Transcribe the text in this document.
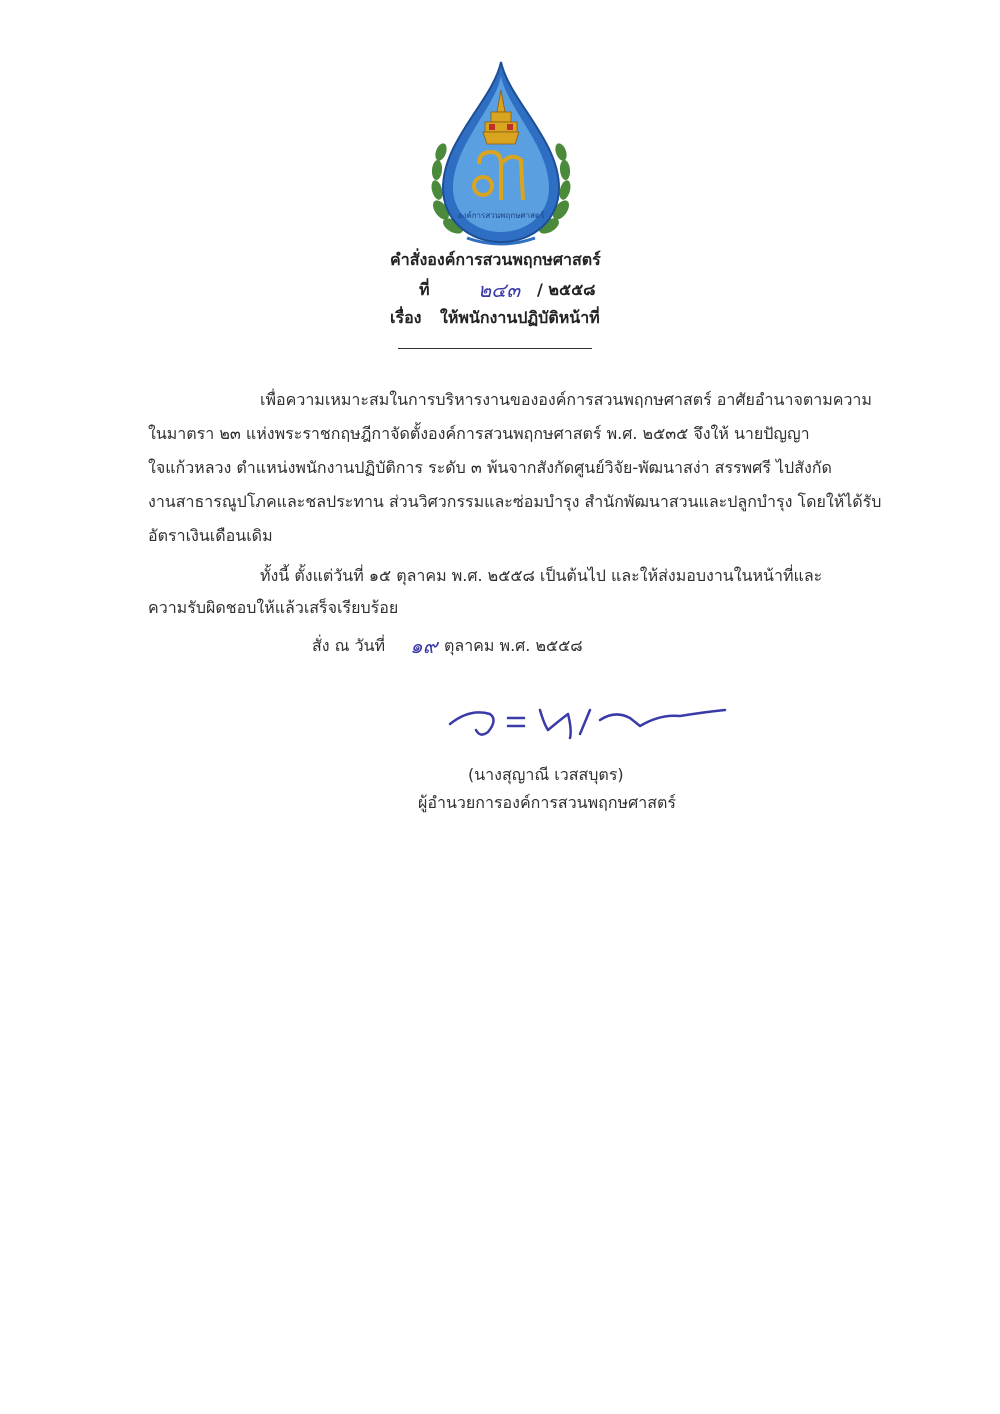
องค์การสวนพฤกษศาสตร์
คำสั่งองค์การสวนพฤกษศาสตร์
ที่ ๒๔๓ / ๒๕๕๘
เรื่อง ให้พนักงานปฏิบัติหน้าที่
เพื่อความเหมาะสมในการบริหารงานขององค์การสวนพฤกษศาสตร์ อาศัยอำนาจตามความ
ในมาตรา ๒๓ แห่งพระราชกฤษฎีกาจัดตั้งองค์การสวนพฤกษศาสตร์ พ.ศ. ๒๕๓๕ จึงให้ นายปัญญา
ใจแก้วหลวง ตำแหน่งพนักงานปฏิบัติการ ระดับ ๓ พ้นจากสังกัดศูนย์วิจัย-พัฒนาสง่า สรรพศรี ไปสังกัด
งานสาธารณูปโภคและชลประทาน ส่วนวิศวกรรมและซ่อมบำรุง สำนักพัฒนาสวนและปลูกบำรุง โดยให้ได้รับ
อัตราเงินเดือนเดิม
ทั้งนี้ ตั้งแต่วันที่ ๑๕ ตุลาคม พ.ศ. ๒๕๕๘ เป็นต้นไป และให้ส่งมอบงานในหน้าที่และ
ความรับผิดชอบให้แล้วเสร็จเรียบร้อย
สั่ง ณ วันที่ ๑๙ ตุลาคม พ.ศ. ๒๕๕๘
(นางสุญาณี เวสสบุตร)
ผู้อำนวยการองค์การสวนพฤกษศาสตร์
